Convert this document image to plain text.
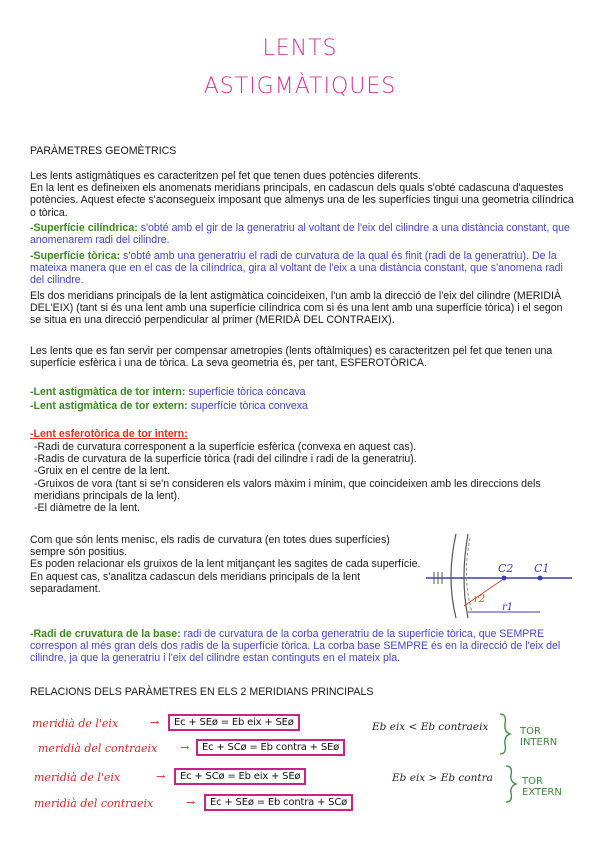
LENTS
ASTIGMÀTIQUES
PARÀMETRES GEOMÈTRICS
Les lents astigmàtiques es caracteritzen pel fet que tenen dues potències diferents.
En la lent es defineixen els anomenats meridians principals, en cadascun dels quals s'obté cadascuna d'aquestes potències. Aquest efecte s'aconsegueix imposant que almenys una de les superfícies tingui una geometria cilíndrica o tòrica.
-Superfície cilíndrica: s'obté amb el gir de la generatriu al voltant de l'eix del cilindre a una distància constant, que anomenarem radi del cilindre.
-Superfície tòrica: s'obté amb una generatriu el radi de curvatura de la qual és finit (radi de la generatriu). De la mateixa manera que en el cas de la cilíndrica, gira al voltant de l'eix a una distància constant, que s'anomena radi del cilindre.
Els dos meridians principals de la lent astigmàtica coincideixen, l'un amb la direcció de l'eix del cilindre (MERIDIÀ DEL'EIX) (tant si és una lent amb una superfície cilíndrica com si és una lent amb una superfície tòrica) i el segon se situa en una direcció perpendicular al primer (MERIDÀ DEL CONTRAEIX).
Les lents que es fan servir per compensar ametropies (lents oftàlmiques) es caracteritzen pel fet que tenen una superfície esfèrica i una de tòrica. La seva geometria és, per tant, ESFEROTÒRICA.
-Lent astigmàtica de tor intern: superfície tòrica còncava
-Lent astigmàtica de tor extern: superfície tòrica convexa
-Lent esferotòrica de tor intern:
-Radi de curvatura corresponent a la superfície esfèrica (convexa en aquest cas).
-Radis de curvatura de la superfície tòrica (radi del cilindre i radi de la generatriu).
-Gruix en el centre de la lent.
-Gruixos de vora (tant si se'n consideren els valors màxim i mínim, que coincideixen amb les direccions dels meridians principals de la lent).
-El diàmetre de la lent.
Com que són lents menisc, els radis de curvatura (en totes dues superfícies) sempre són positius.
Es poden relacionar els gruixos de la lent mitjançant les sagites de cada superfície. En aquest cas, s'analitza cadascun dels meridians principals de la lent separadament.
C2 C1
r2
r1
-Radi de cruvatura de la base: radi de curvatura de la corba generatriu de la superfície tòrica, que SEMPRE correspon al més gran dels dos radis de la superfície tòrica. La corba base SEMPRE és en la direcció de l'eix del cilindre, ja que la generatriu i l'eix del cilindre estan continguts en el mateix pla.
RELACIONS DELS PARÀMETRES EN ELS 2 MERIDIANS PRINCIPALS
meridià de l'eix	→	Ec + SEø = Eb eix + SEø
meridià del contraeix →	Ec + SCø = Eb contra + SEø
meridià de l'eix	→	Ec + SCø = Eb eix + SEø
meridià del contraeix	→	Ec + SEø = Eb contra + SCø
Eb eix < Eb contraeix	TOR INTERN
Eb eix > Eb contra	TOR EXTERN
